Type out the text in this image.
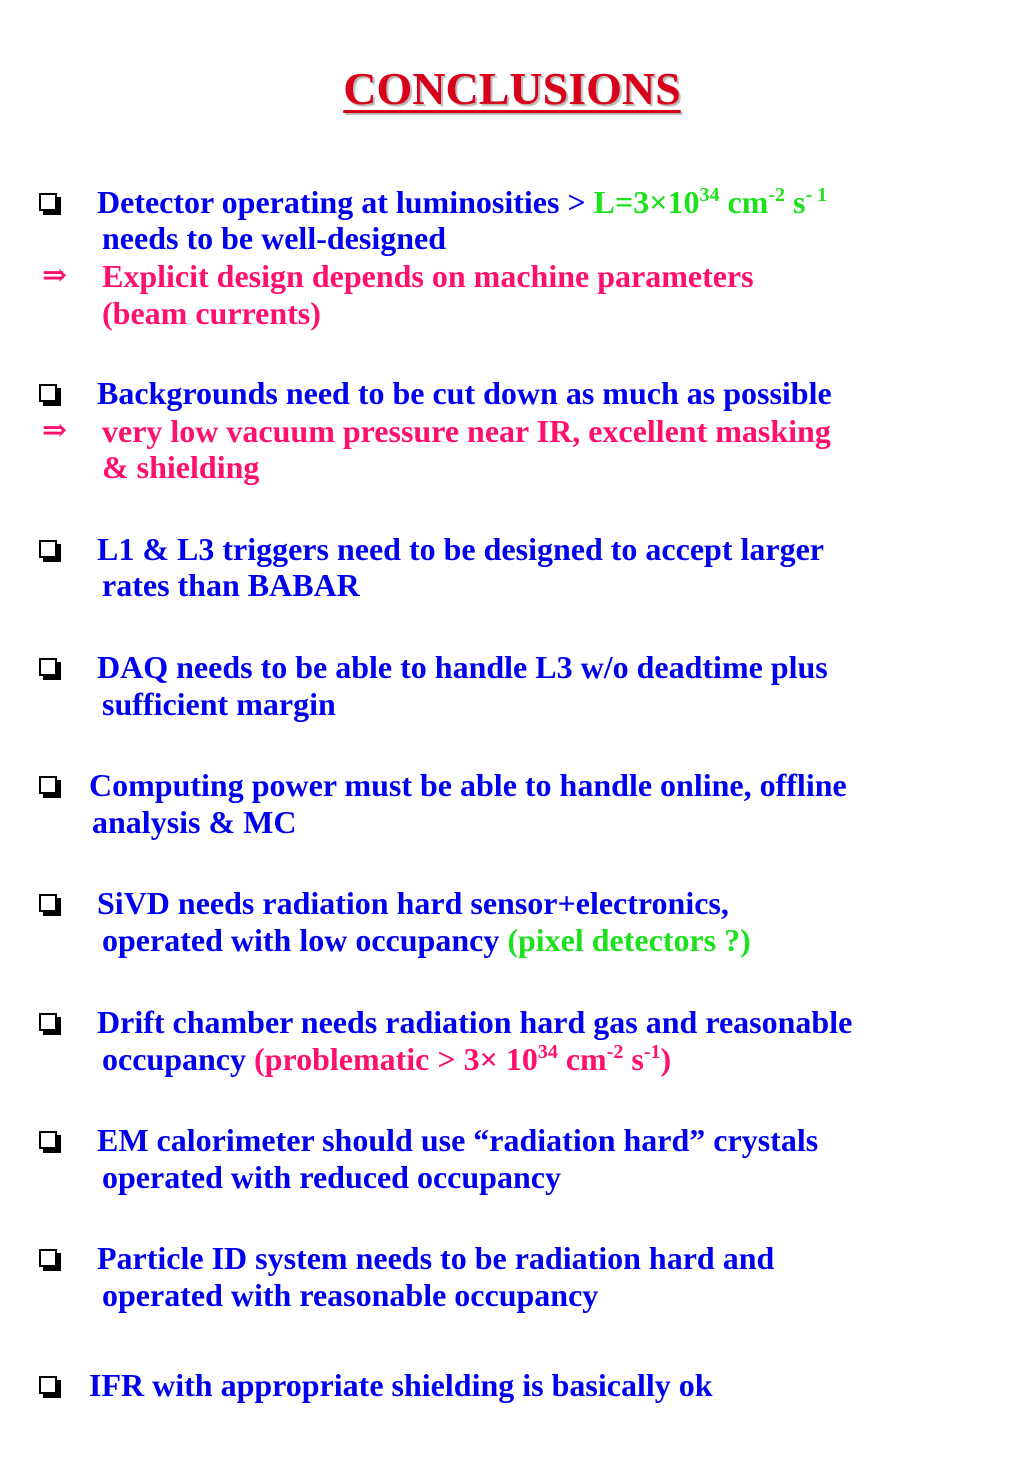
CONCLUSIONS
Detector operating at luminosities > $L=3\times 10^{34}$ $cm^{-2}$ $s^{- 1}$
needs to be well-designed
⇒ Explicit design depends on machine parameters
(beam currents)
Backgrounds need to be cut down as much as possible
⇒ very low vacuum pressure near IR, excellent masking
& shielding
L1 & L3 triggers need to be designed to accept larger
rates than BABAR
DAQ needs to be able to handle L3 w/o deadtime plus
sufficient margin
Computing power must be able to handle online, offline
analysis & MC
SiVD needs radiation hard sensor+electronics,
operated with low occupancy (pixel detectors ?)
Drift chamber needs radiation hard gas and reasonable
occupancy (problematic > $3\times 10^{34}$ $cm^{-2}$ $s^{-1}$)
EM calorimeter should use “radiation hard” crystals
operated with reduced occupancy
Particle ID system needs to be radiation hard and
operated with reasonable occupancy
IFR with appropriate shielding is basically ok
